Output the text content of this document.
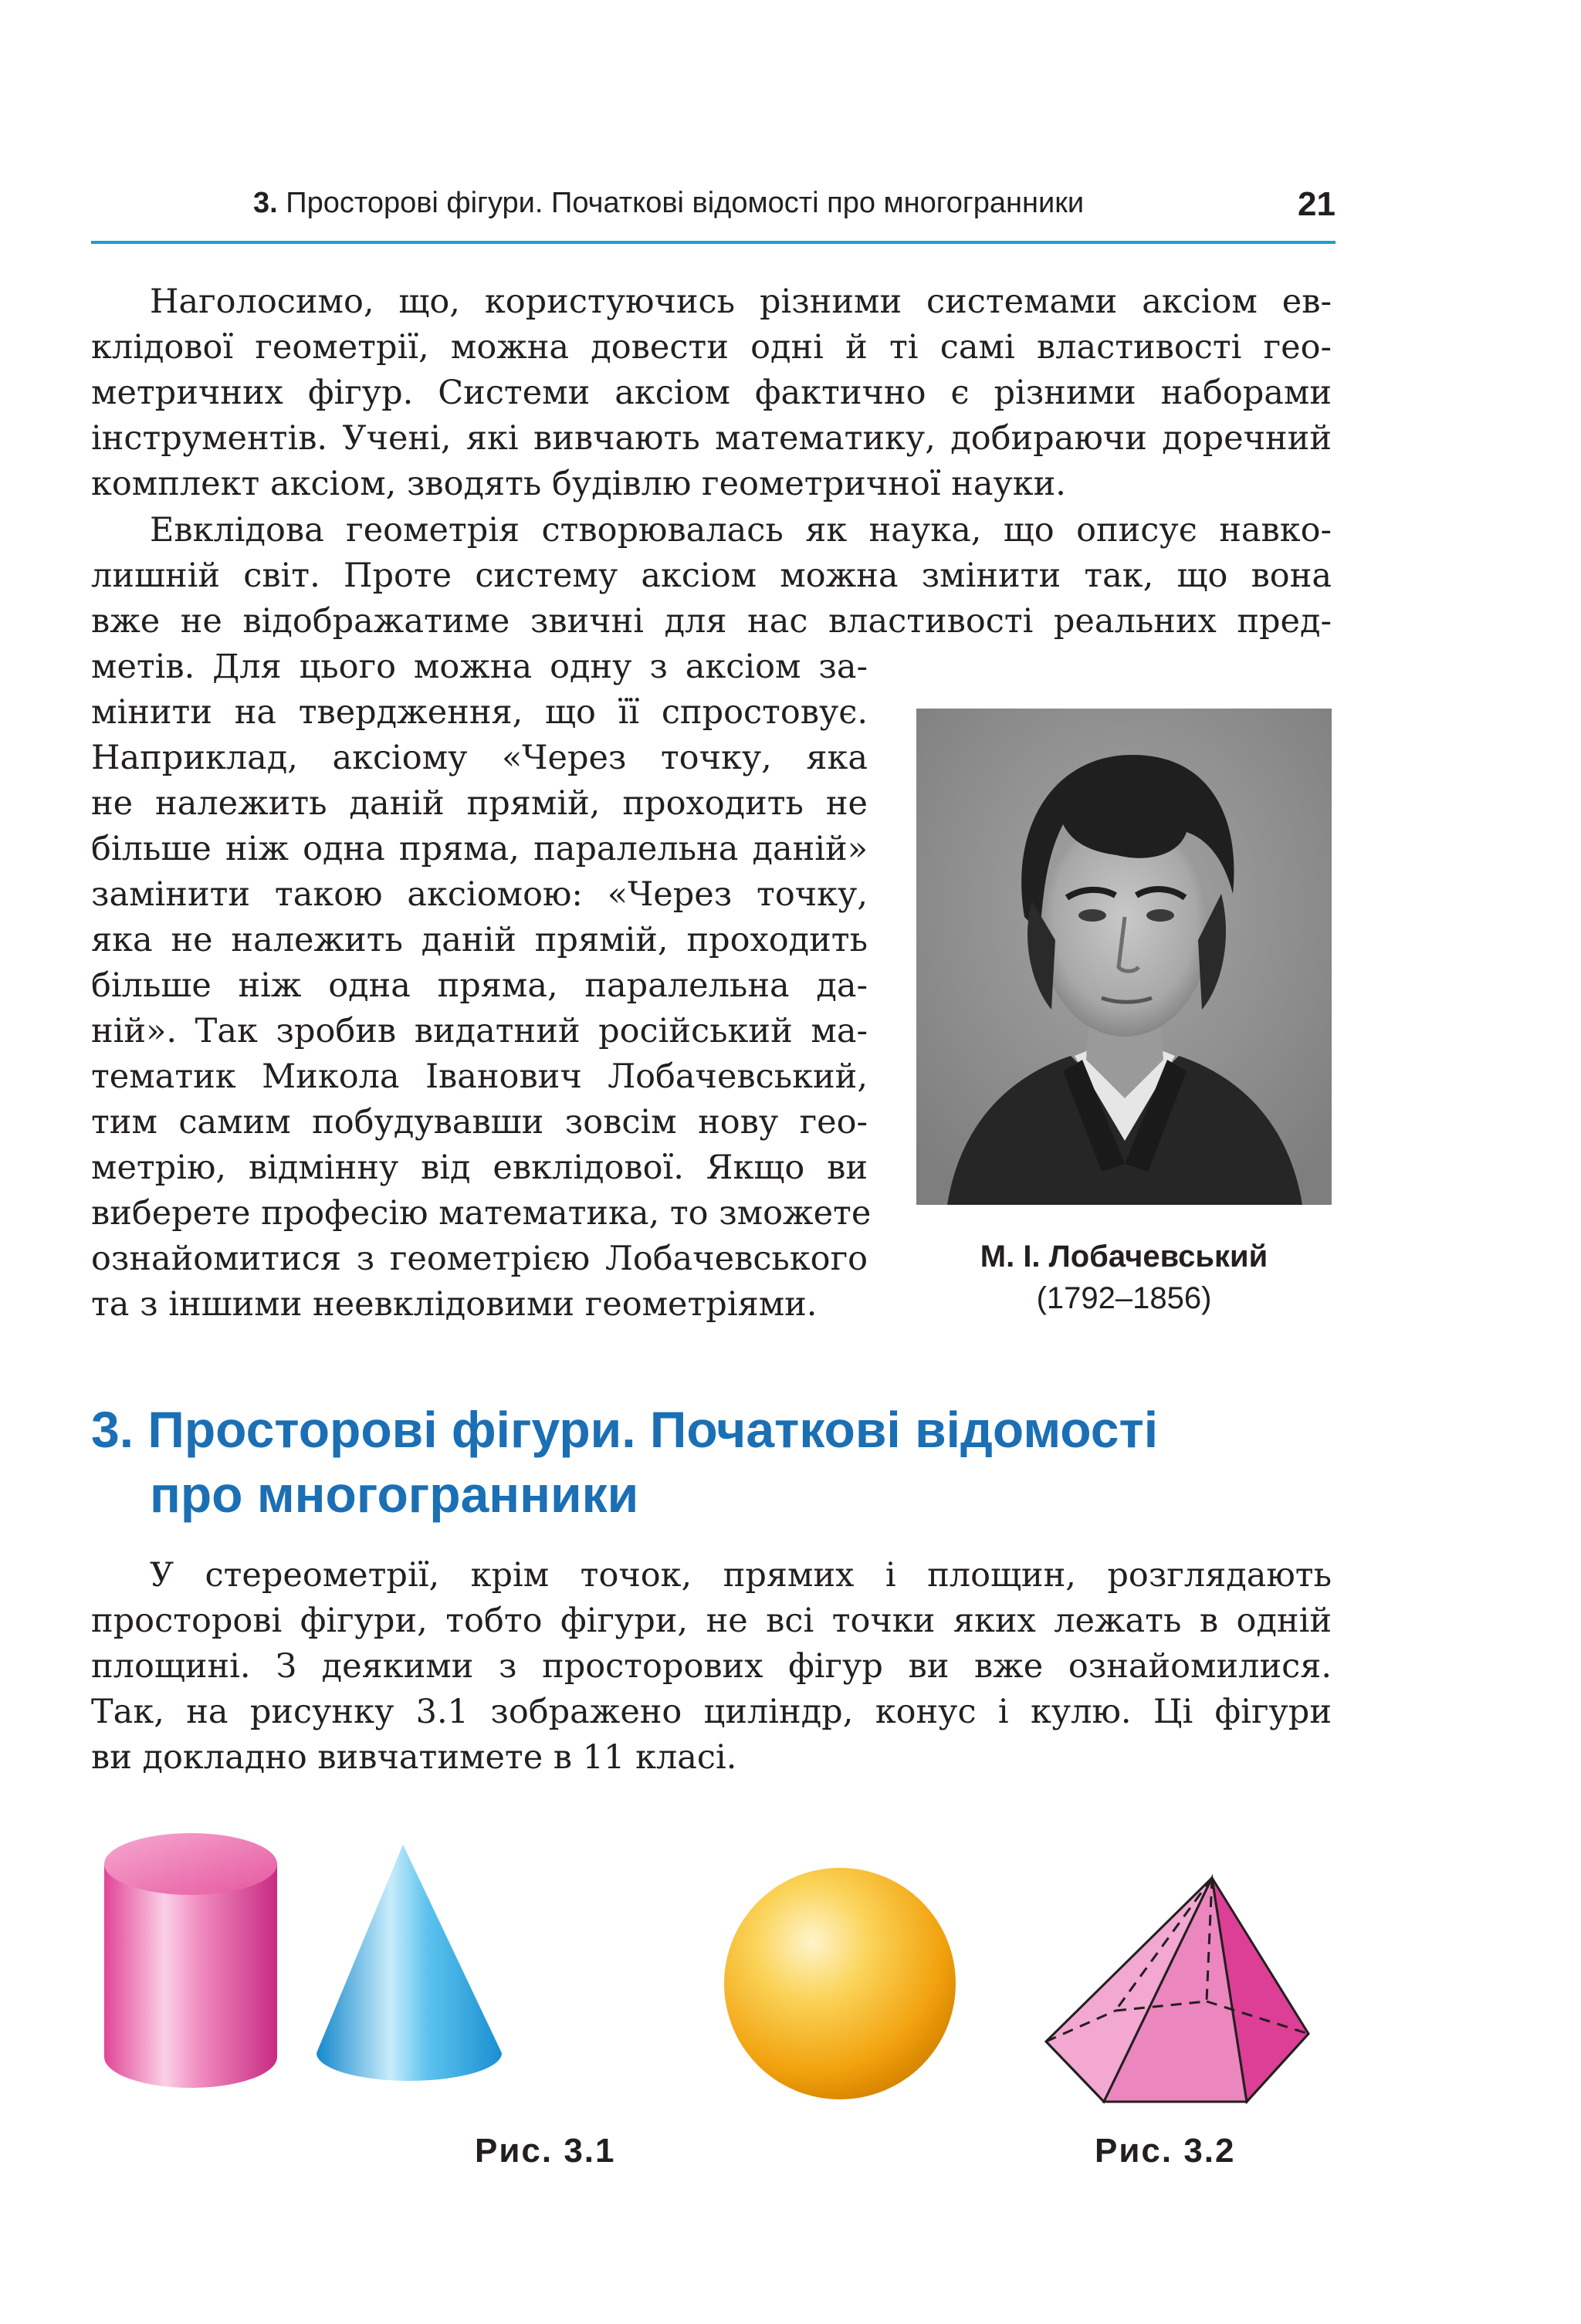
3. Просторові фігури. Початкові відомості про многогранники	21
Наголосимо, що, користуючись різними системами аксіом ев-
клідової геометрії, можна довести одні й ті самі властивості гео-
метричних фігур. Системи аксіом фактично є різними наборами
інструментів. Учені, які вивчають математику, добираючи доречний
комплект аксіом, зводять будівлю геометричної науки.
Евклідова геометрія створювалась як наука, що описує навко-
лишній світ. Проте систему аксіом можна змінити так, що вона
вже не відображатиме звичні для нас властивості реальних пред-
метів. Для цього можна одну з аксіом за-
мінити на твердження, що її спростовує.
Наприклад, аксіому «Через точку, яка
не належить даній прямій, проходить не
більше ніж одна пряма, паралельна даній»
замінити такою аксіомою: «Через точку,
яка не належить даній прямій, проходить
більше ніж одна пряма, паралельна да-
ній». Так зробив видатний російський ма-
тематик Микола Іванович Лобачевський,
тим самим побудувавши зовсім нову гео-
метрію, відмінну від евклідової. Якщо ви
виберете професію математика, то зможете
ознайомитися з геометрією Лобачевського
та з іншими неевклідовими геометріями.
М. І. Лобачевський
(1792–1856)
3. Просторові фігури. Початкові відомості
про многогранники
У стереометрії, крім точок, прямих і площин, розглядають
просторові фігури, тобто фігури, не всі точки яких лежать в одній
площині. З деякими з просторових фігур ви вже ознайомилися.
Так, на рисунку 3.1 зображено циліндр, конус і кулю. Ці фігури
ви докладно вивчатимете в 11 класі.
Рис. 3.1	Рис. 3.2
